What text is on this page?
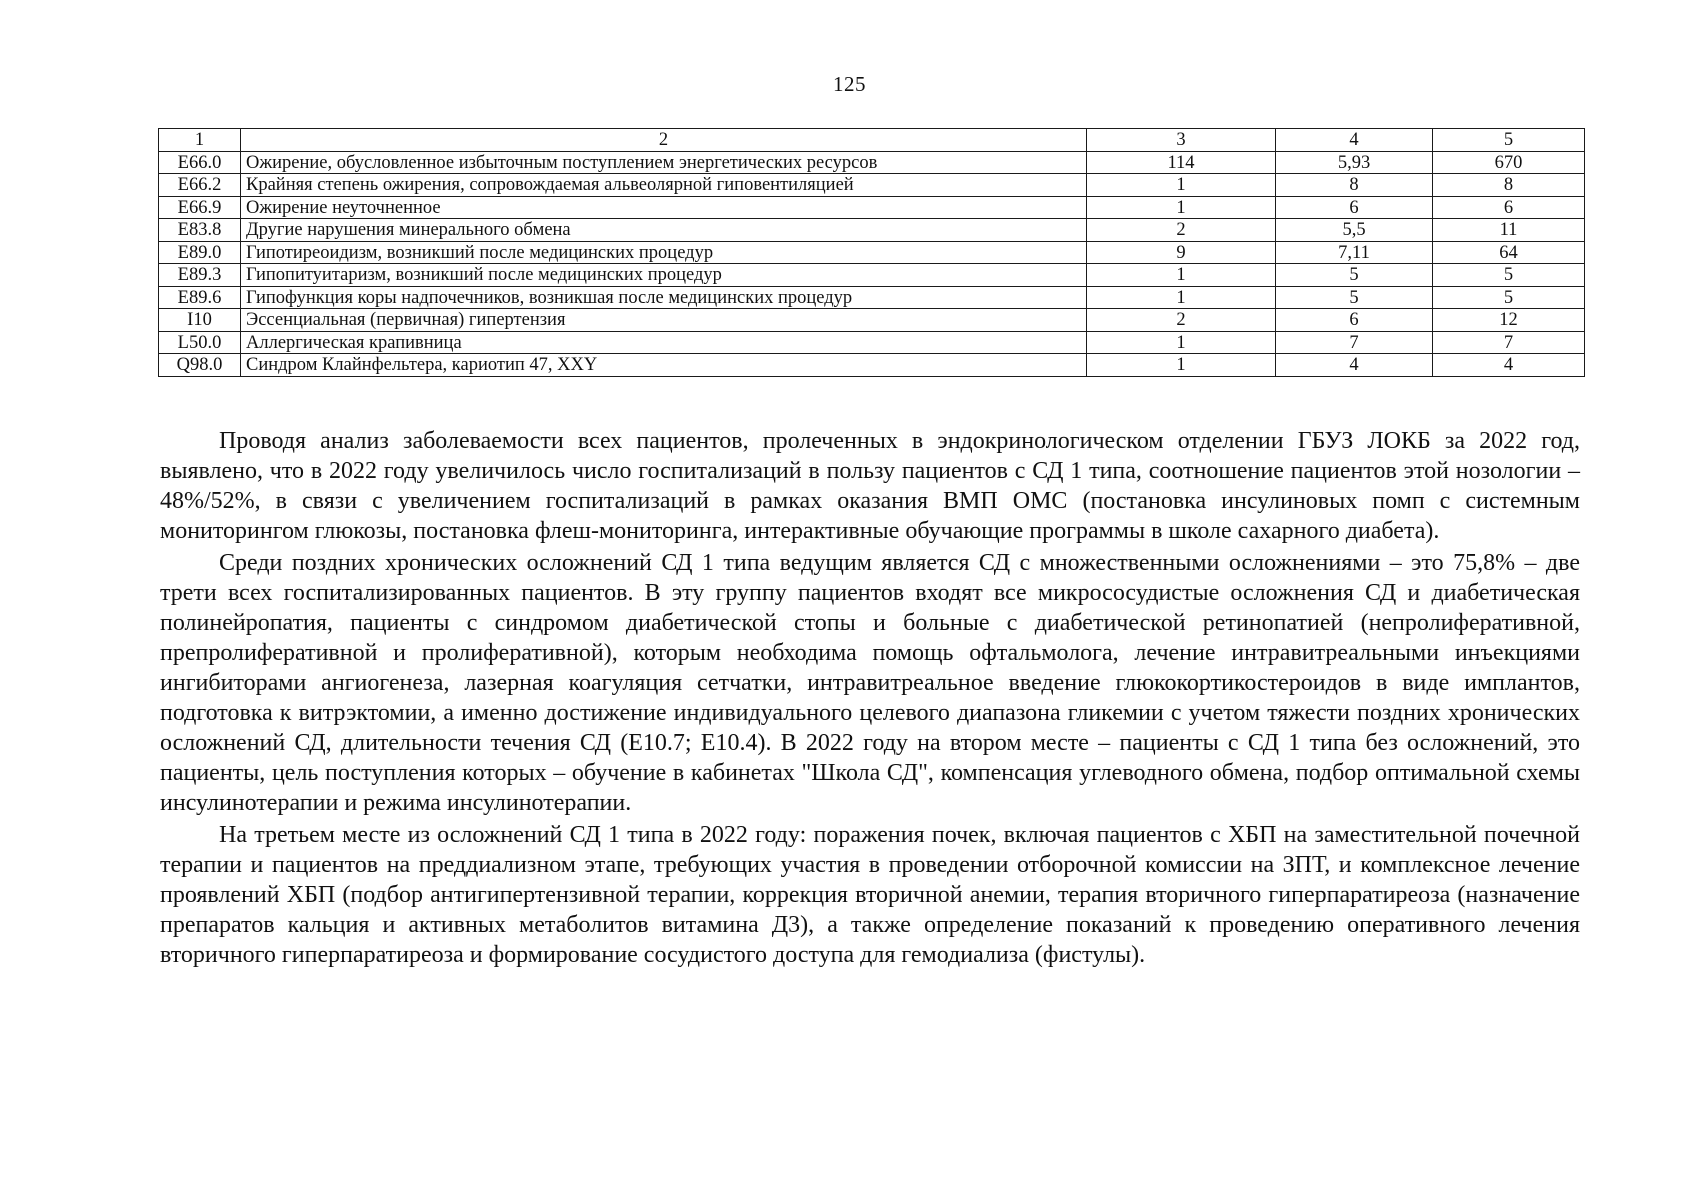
125
1	2	3	4	5
E66.0	Ожирение, обусловленное избыточным поступлением энергетических ресурсов	114	5,93	670
E66.2	Крайняя степень ожирения, сопровождаемая альвеолярной гиповентиляцией	1	8	8
E66.9	Ожирение неуточненное	1	6	6
E83.8	Другие нарушения минерального обмена	2	5,5	11
E89.0	Гипотиреоидизм, возникший после медицинских процедур	9	7,11	64
E89.3	Гипопитуитаризм, возникший после медицинских процедур	1	5	5
E89.6	Гипофункция коры надпочечников, возникшая после медицинских процедур	1	5	5
I10	Эссенциальная (первичная) гипертензия	2	6	12
L50.0	Аллергическая крапивница	1	7	7
Q98.0	Синдром Клайнфельтера, кариотип 47, XXY	1	4	4

Проводя анализ заболеваемости всех пациентов, пролеченных в эндокринологическом отделении ГБУЗ ЛОКБ за 2022 год, выявлено, что в 2022 году увеличилось число госпитализаций в пользу пациентов с СД 1 типа, соотношение пациентов этой нозологии – 48%/52%, в связи с увеличением госпитализаций в рамках оказания ВМП ОМС (постановка инсулиновых помп с системным мониторингом глюкозы, постановка флеш-мониторинга, интерактивные обучающие программы в школе сахарного диабета).

Среди поздних хронических осложнений СД 1 типа ведущим является СД с множественными осложнениями – это 75,8% – две трети всех госпитализированных пациентов. В эту группу пациентов входят все микрососудистые осложнения СД и диабетическая полинейропатия, пациенты с синдромом диабетической стопы и больные с диабетической ретинопатией (непролиферативной, препролиферативной и пролиферативной), которым необходима помощь офтальмолога, лечение интравитреальными инъекциями ингибиторами ангиогенеза, лазерная коагуляция сетчатки, интравитреальное введение глюкокортикостероидов в виде имплантов, подготовка к витрэктомии, а именно достижение индивидуального целевого диапазона гликемии с учетом тяжести поздних хронических осложнений СД, длительности течения СД (E10.7; E10.4). В 2022 году на втором месте – пациенты с СД 1 типа без осложнений, это пациенты, цель поступления которых – обучение в кабинетах "Школа СД", компенсация углеводного обмена, подбор оптимальной схемы инсулинотерапии и режима инсулинотерапии.

На третьем месте из осложнений СД 1 типа в 2022 году: поражения почек, включая пациентов с ХБП на заместительной почечной терапии и пациентов на преддиализном этапе, требующих участия в проведении отборочной комиссии на ЗПТ, и комплексное лечение проявлений ХБП (подбор антигипертензивной терапии, коррекция вторичной анемии, терапия вторичного гиперпаратиреоза (назначение препаратов кальция и активных метаболитов витамина Д3), а также определение показаний к проведению оперативного лечения вторичного гиперпаратиреоза и формирование сосудистого доступа для гемодиализа (фистулы).
